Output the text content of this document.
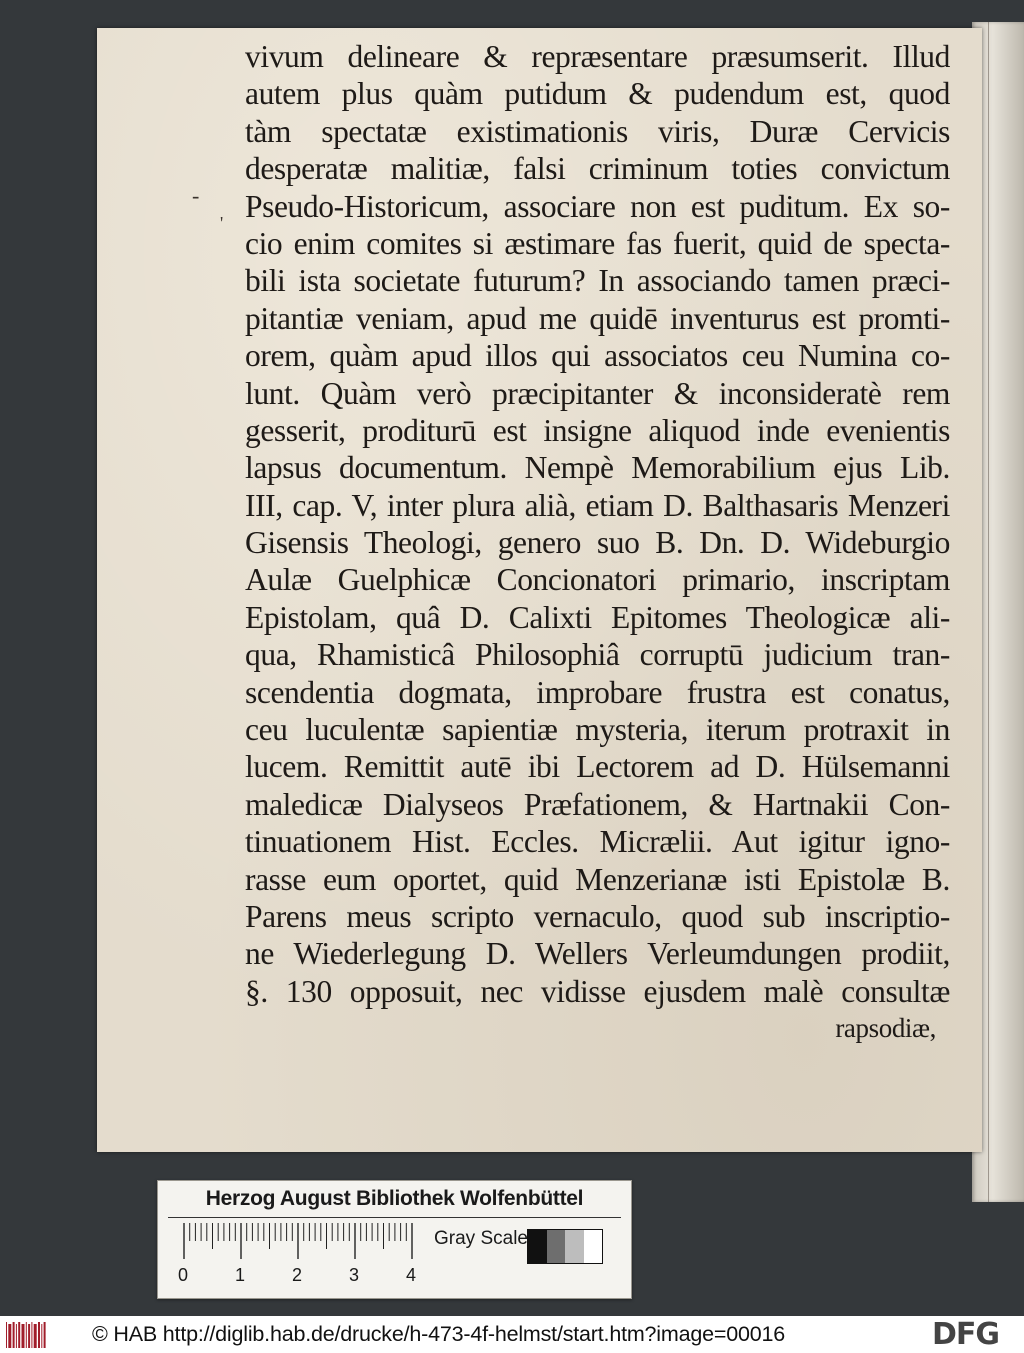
-
'
vivum delineare & repræsentare præsumserit. Illud
autem plus quàm putidum & pudendum est, quod
tàm spectatæ existimationis viris, Duræ Cervicis
desperatæ malitiæ, falsi criminum toties convictum
Pseudo-Historicum, associare non est puditum. Ex so-
cio enim comites si æstimare fas fuerit, quid de specta-
bili ista societate futurum? In associando tamen præci-
pitantiæ veniam, apud me quidē inventurus est promti-
orem, quàm apud illos qui associatos ceu Numina co-
lunt. Quàm verò præcipitanter & inconsideratè rem
gesserit, proditurū est insigne aliquod inde evenientis
lapsus documentum. Nempè Memorabilium ejus Lib.
III, cap. V, inter plura alià, etiam D. Balthasaris Menzeri
Gisensis Theologi, genero suo B. Dn. D. Wideburgio
Aulæ Guelphicæ Concionatori primario, inscriptam
Epistolam, quâ D. Calixti Epitomes Theologicæ ali-
qua, Rhamisticâ Philosophiâ corruptū judicium tran-
scendentia dogmata, improbare frustra est conatus,
ceu luculentæ sapientiæ mysteria, iterum protraxit in
lucem. Remittit autē ibi Lectorem ad D. Hülsemanni
maledicæ Dialyseos Præfationem, & Hartnakii Con-
tinuationem Hist. Eccles. Micrælii. Aut igitur igno-
rasse eum oportet, quid Menzerianæ isti Epistolæ B.
Parens meus scripto vernaculo, quod sub inscriptio-
ne Wiederlegung D. Wellers Verleumdungen prodiit,
§. 130 opposuit, nec vidisse ejusdem malè consultæ
rapsodiæ,
Herzog August Bibliothek Wolfenbüttel
0	1	2	3	4
Gray Scale
© HAB http://diglib.hab.de/drucke/h-473-4f-helmst/start.htm?image=00016	DFG
